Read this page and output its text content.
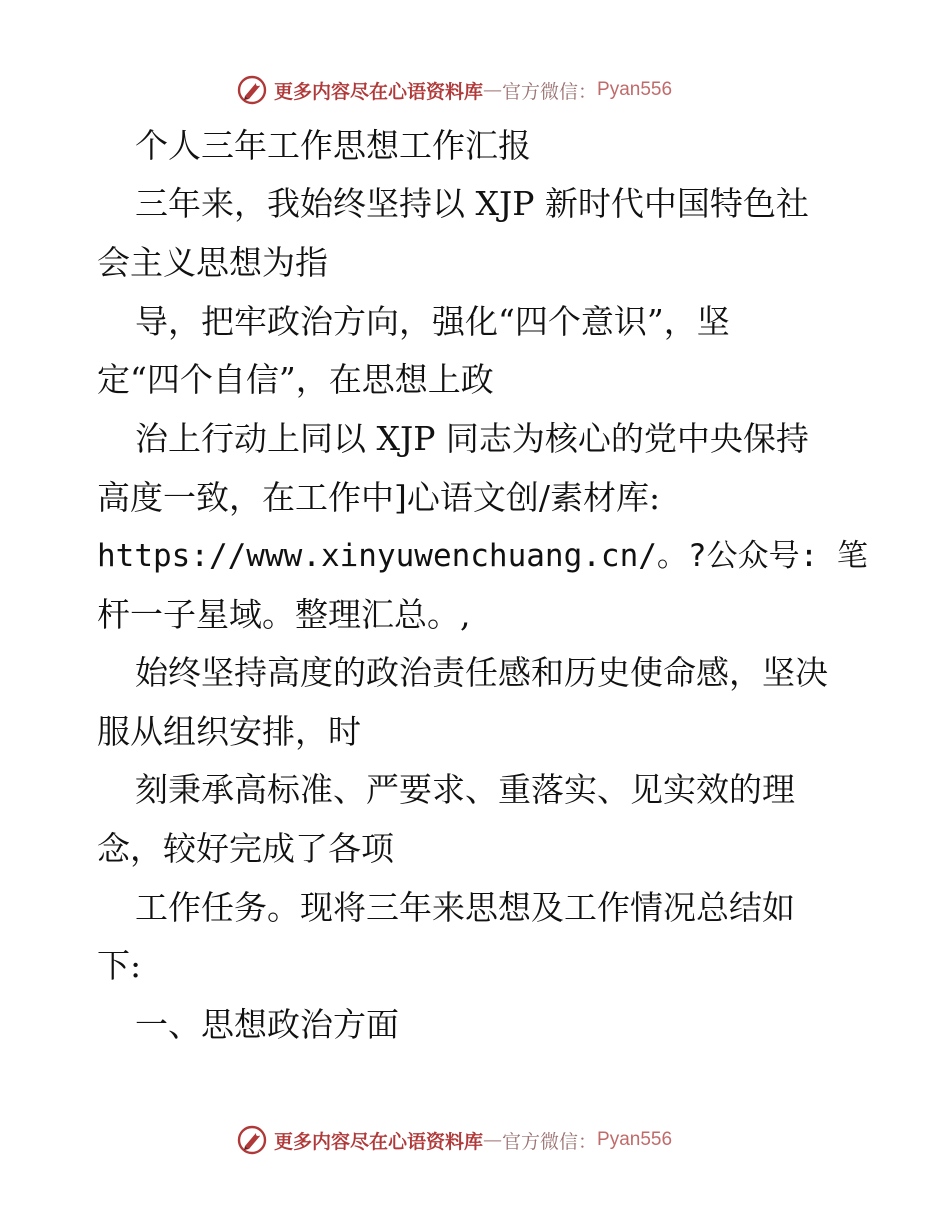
更多内容尽在心语资料库 — 官方微信： Pyan556
个人三年工作思想工作汇报
三年来，我始终坚持以 XJP 新时代中国特色社
会主义思想为指
导，把牢政治方向，强化“四个意识”，坚
定“四个自信”，在思想上政
治上行动上同以 XJP 同志为核心的党中央保持
高度一致，在工作中]心语文创/素材库:
https://www.xinyuwenchuang.cn/。?公众号: 笔
杆一子星域。整理汇总。,
始终坚持高度的政治责任感和历史使命感，坚决
服从组织安排，时
刻秉承高标准、严要求、重落实、见实效的理
念，较好完成了各项
工作任务。现将三年来思想及工作情况总结如
下:
一、思想政治方面
更多内容尽在心语资料库 — 官方微信： Pyan556
